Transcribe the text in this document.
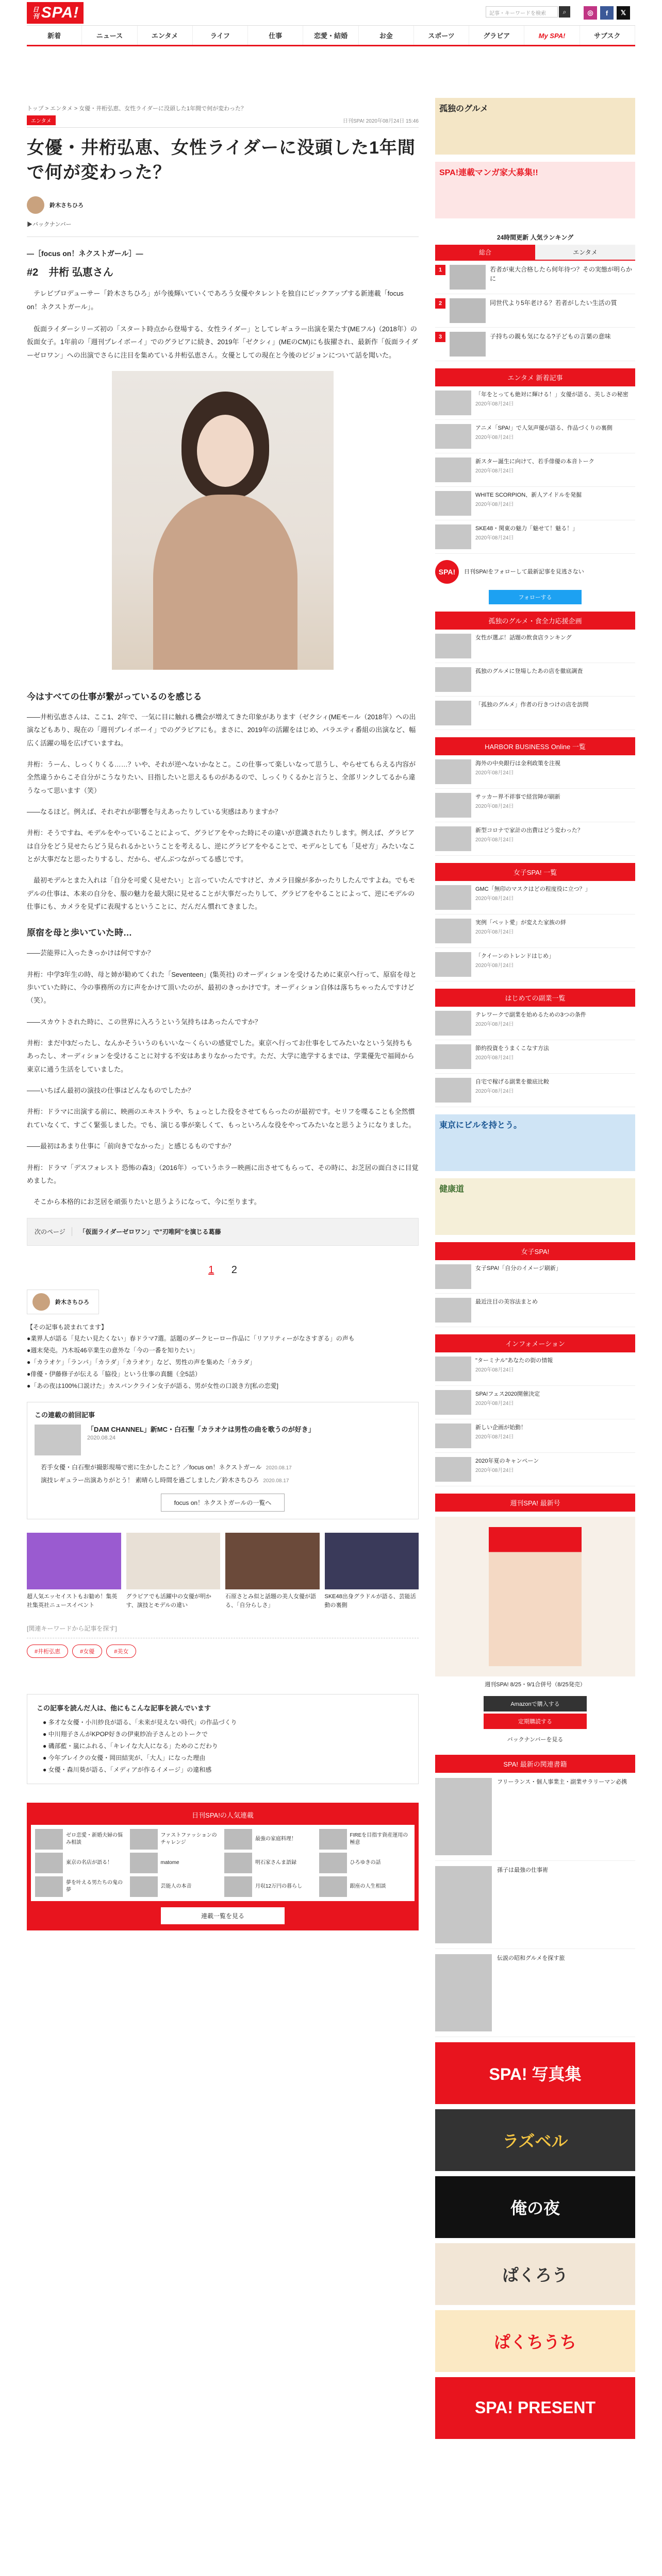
日刊 SPA!	記事・キーワードを検索	⌕	◎	f	𝕏
新着	ニュース	エンタメ	ライフ	仕事	恋愛・結婚	お金	スポーツ	グラビア	My SPA!	サブスク
トップ > エンタメ > 女優・井桁弘恵、女性ライダーに没頭した1年間で何が変わった？
エンタメ	日刊SPA! 2020年08月24日 15:46
女優・井桁弘恵、女性ライダーに没頭した1年間で何が変わった？
鈴木さちひろ
▶バックナンバー
―［focus on！ネクストガール］―
#2　井桁 弘恵さん

　テレビプロデューサー「鈴木さちひろ」が今後輝いていくであろう女優やタレントを独自にピックアップする新連載「focus on！ネクストガール」。

　仮面ライダーシリーズ初の「スタート時点から登場する、女性ライダー」としてレギュラー出演を果たす(MEフル)（2018年）の仮面女子。1年前の「週刊プレイボーイ」でのグラビアに続き、2019年「ゼクシィ」(MEのCM)にも抜擢され、最新作「仮面ライダーゼロワン」への出演でさらに注目を集めている井桁弘恵さん。女優としての現在と今後のビジョンについて話を聞いた。

今はすべての仕事が繋がっているのを感じる

――井桁弘恵さんは、ここ1、2年で、一気に目に触れる機会が増えてきた印象があります（ゼクシィ(MEモール（2018年）への出演などもあり、現在の「週刊プレイボーイ」でのグラビアにも。まさに、2019年の活躍をはじめ、バラエティ番組の出演など、幅広く活躍の場を広げていますね。

井桁：うーん、しっくりくる……？いや、それが逆へないかなとこ。この仕事って楽しいなって思うし、やらせてもらえる内容が全然違うからこそ自分がこうなりたい、目指したいと思えるものがあるので、しっくりくるかと言うと、全部リンクしてるから違うなって思います（笑）

――なるほど。例えば、それぞれが影響を与えあったりしている実感はありますか？

井桁：そうですね、モデルをやっていることによって、グラビアをやった時にその違いが意識されたりします。例えば、グラビアは自分をどう見せたらどう見られるかということを考えるし、逆にグラビアをやることで、モデルとしても「見せ方」みたいなことが大事だなと思ったりするし、だから、ぜんぶつながってる感じです。

　最初モデルとまた入れは「自分を可愛く見せたい」と言っていたんですけど、カメラ目線が多かったりしたんですよね。でもモデルの仕事は、本来の自分を、服の魅力を最大限に見せることが大事だったりして、グラビアをやることによって、逆にモデルの仕事にも、カメラを見ずに表現するということに、だんだん慣れてきました。

原宿を母と歩いていた時…

――芸能界に入ったきっかけは何ですか？

井桁：中学3年生の時、母と姉が勧めてくれた「Seventeen」(集英社) のオーディションを受けるために東京へ行って、原宿を母と歩いていた時に、今の事務所の方に声をかけて頂いたのが、最初のきっかけです。オーディション自体は落ちちゃったんですけど（笑）。

――スカウトされた時に、この世界に入ろうという気持ちはあったんですか？

井桁：まだ中3だったし、なんかそういうのもいいな〜くらいの感覚でした。東京へ行ってお仕事をしてみたいなという気持ちもあったし、オーディションを受けることに対する不安はあまりなかったです。ただ、大学に進学するまでは、学業優先で福岡から東京に通う生活をしていました。

――いちばん最初の演技の仕事はどんなものでしたか？

井桁：ドラマに出演する前に、映画のエキストラや、ちょっとした役をさせてもらったのが最初です。セリフを喋ることも全然慣れていなくて、すごく緊張しました。でも、演じる事が楽しくて、もっといろんな役をやってみたいなと思うようになりました。

――最初はあまり仕事に「前向きでなかった」と感じるものですか？

井桁：ドラマ「デスフォレスト 恐怖の森3」（2016年）っていうホラー映画に出させてもらって、その時に、お芝居の面白さに目覚めました。

　そこから本格的にお芝居を頑張りたいと思うようになって、今に至ります。

次のページ	「仮面ライダーゼロワン」で"刃唯阿"を演じる葛藤
1 2
鈴木さちひろ
【その記事も読まれてます】
●業界人が語る「見たい見たくない」春ドラマ7選。話題のダークヒーロー作品に「リアリティーがなさすぎる」の声も
●週末発売。乃木坂46卒業生の意外な「今の一番を知りたい」
●「カラオケ」「ランパ」「カラダ」「カラオケ」など、男性の声を集めた「カラダ」
●俳優・伊藤修子が伝える「脇役」という仕事の真髄（全5話）
●「あの夜は100%口説けた」カスバンクライン女子が語る、男が女性の口説き方[私の恋愛]
この連載の前回記事
「DAM CHANNEL」新MC・白石聖「カラオケは男性の曲を歌うのが好き」
2020.08.24
若手女優・白石聖が撮影現場で密に生かしたこと？／focus on！ネクストガール 2020.08.17
演技レギュラー出演ありがとう！ 素晴らし時間を過ごしました／鈴木さちひろ 2020.08.17
focus on！ネクストガールの一覧へ
超人気エッセイストもお勧め！集英社集英社ニュースイベント
グラビアでも活躍中の女優が明かす、演技とモデルの違い
石原さとみ似と話題の美人女優が語る、「自分らしさ」
SKE48出身グラドルが語る、芸能活動の裏側
[関連キーワードから記事を探す]
#井桁弘恵	#女優	#美女
この記事を読んだ人は、他にもこんな記事を読んでいます
● 多才な女優・小川紗良が語る、「未来が見えない時代」の作品づくり
● 中川翔子さんがKPOP好きの伊東紗冶子さんとのトークで
● 磯部藍・嵐にふれる、「キレイな大人になる」ためのこだわり
● 今年ブレイクの女優・岡田結実が、「大人」になった理由
● 女優・森川葵が語る、「メディアが作るイメージ」の違和感
日刊SPA!の人気連載
ゼロ恋愛・新婚夫婦の悩み相談
ファストファッションのチャレンジ
最強の家庭料理！
FIREを目指す資産運用の極意
東京の名店が語る！	matome	明石家さんま語録	ひろゆきの話
夢を叶える男たちの鬼の夢
芸能人の本音	月収12万円の暮らし	銀座の人生相談
連載一覧を見る
孤独のグルメ
SPA!連載マンガ家大募集!!
24時間更新 人気ランキング
総合	エンタメ
1	若者が東大合格したら何年待つ？その実態が明らかに
2	同世代より5年老ける？若者がしたい生活の質
3	子持ちの親も気になる?子どもの言葉の意味
エンタメ 新着記事
「年をとっても絶対に輝ける！」女優が語る、美しさの秘密
2020年08月24日
アニメ「SPA!」で人気声優が語る、作品づくりの裏側
2020年08月24日
新スター誕生に向けて、若手俳優の本音トーク
2020年08月24日
WHITE SCORPION、新人アイドルを発掘
2020年08月24日
SKE48・関東の魅力「魅せて！魅る！」
2020年08月24日
SPA!	日刊SPA!をフォローして最新記事を見逃さない
フォローする
孤独のグルメ・食全力応援企画
女性が選ぶ！話題の飲食店ランキング
孤独のグルメに登場したあの店を徹底調査
「孤独のグルメ」作者の行きつけの店を訪問
HARBOR BUSINESS Online 一覧
海外の中央銀行は金利政策を注視
2020年08月24日
サッカー界不祥事で経営陣が刷新
2020年08月24日
新型コロナで家計の出費はどう変わった？
2020年08月24日
女子SPA! 一覧
GMC「無印のマスクはどの程度役に立つ？」
2020年08月24日
実例「ペット愛」が変えた家族の絆
2020年08月24日
「クイーンのトレンドはじめ」
2020年08月24日
はじめての副業一覧
テレワークで副業を始めるための3つの条件
2020年08月24日
節約投資をうまくこなす方法
2020年08月24日
自宅で稼げる副業を徹底比較
2020年08月24日
東京にビルを持とう。
健康道
女子SPA!
女子SPA!「自分のイメージ刷新」
最近注目の美容法まとめ
インフォメーション
"ターミナル"あなたの街の情報
2020年08月24日
SPA!フェス2020開催決定
2020年08月24日
新しい企画が始動！
2020年08月24日
2020年夏のキャンペーン
2020年08月24日
週刊SPA! 最新号
週刊SPA! 8/25・9/1合併号（8/25発売）
Amazonで購入する
定期購読する
バックナンバーを見る
SPA! 最新の関連書籍
フリーランス・個人事業主・副業サラリーマン必携
孫子は最強の仕事術
伝説の昭和グルメを探す旅
SPA! 写真集
ラズベル
俺の夜
ぱくろう
ぱくちうち
SPA! PRESENT
